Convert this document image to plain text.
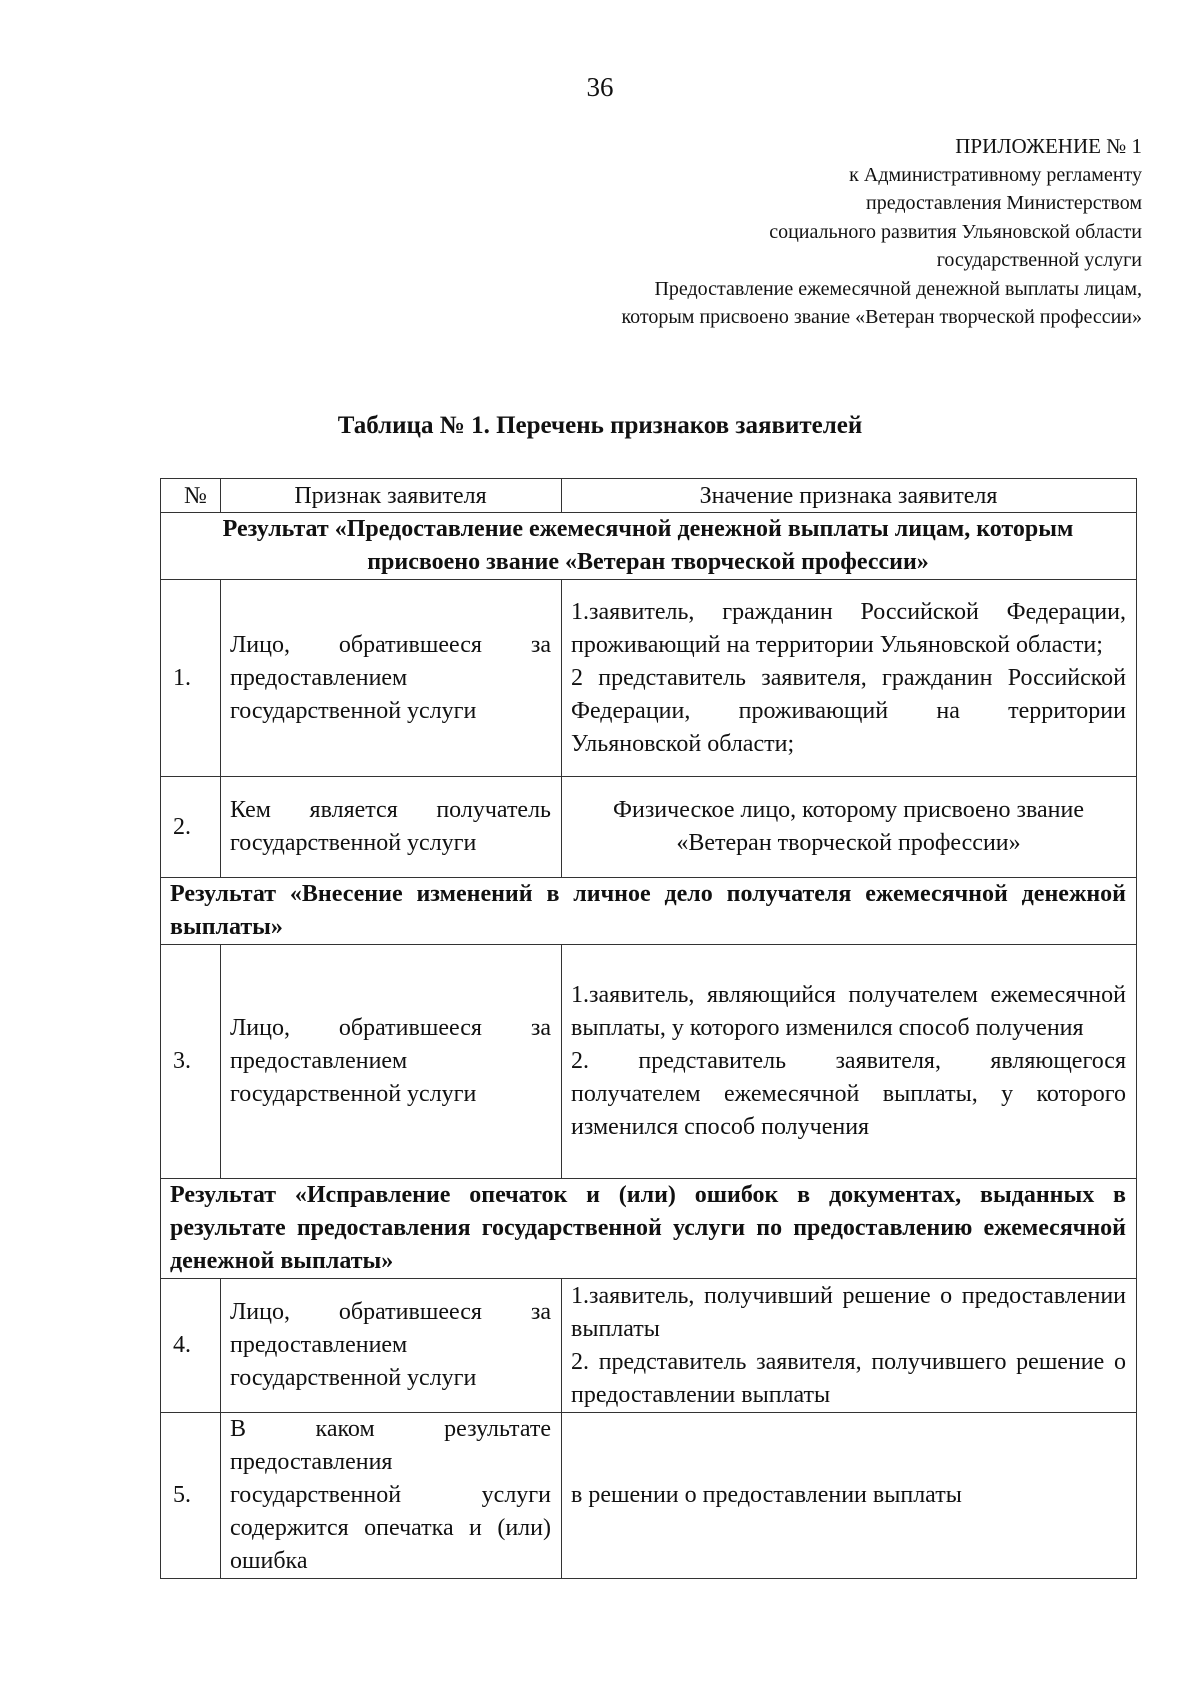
36
ПРИЛОЖЕНИЕ № 1
к Административному регламенту
предоставления Министерством
социального развития Ульяновской области
государственной услуги
Предоставление ежемесячной денежной выплаты лицам,
которым присвоено звание «Ветеран творческой профессии»
Таблица № 1. Перечень признаков заявителей
№	Признак заявителя	Значение признака заявителя
Результат «Предоставление ежемесячной денежной выплаты лицам, которым присвоено звание «Ветеран творческой профессии»		
1.	Лицо, обратившееся за предоставлением государственной услуги	1.заявитель, гражданин Российской Федерации, проживающий на территории Ульяновской области;
2 представитель заявителя, гражданин Российской Федерации, проживающий на территории Ульяновской области;

2.	Кем является получатель государственной услуги	Физическое лицо, которому присвоено звание «Ветеран творческой профессии»

Результат «Внесение изменений в личное дело получателя ежемесячной денежной выплаты»		
3.	Лицо, обратившееся за предоставлением государственной услуги	1.заявитель, являющийся получателем ежемесячной выплаты, у которого изменился способ получения
2. представитель заявителя, являющегося получателем ежемесячной выплаты, у которого изменился способ получения

Результат «Исправление опечаток и (или) ошибок в документах, выданных в результате предоставления государственной услуги по предоставлению ежемесячной денежной выплаты»		
4.	Лицо, обратившееся за предоставлением государственной услуги	1.заявитель, получивший решение о предоставлении выплаты
2. представитель заявителя, получившего решение о предоставлении выплаты

5.	В каком результате предоставления государственной услуги содержится опечатка и (или) ошибка	в решении о предоставлении выплаты
